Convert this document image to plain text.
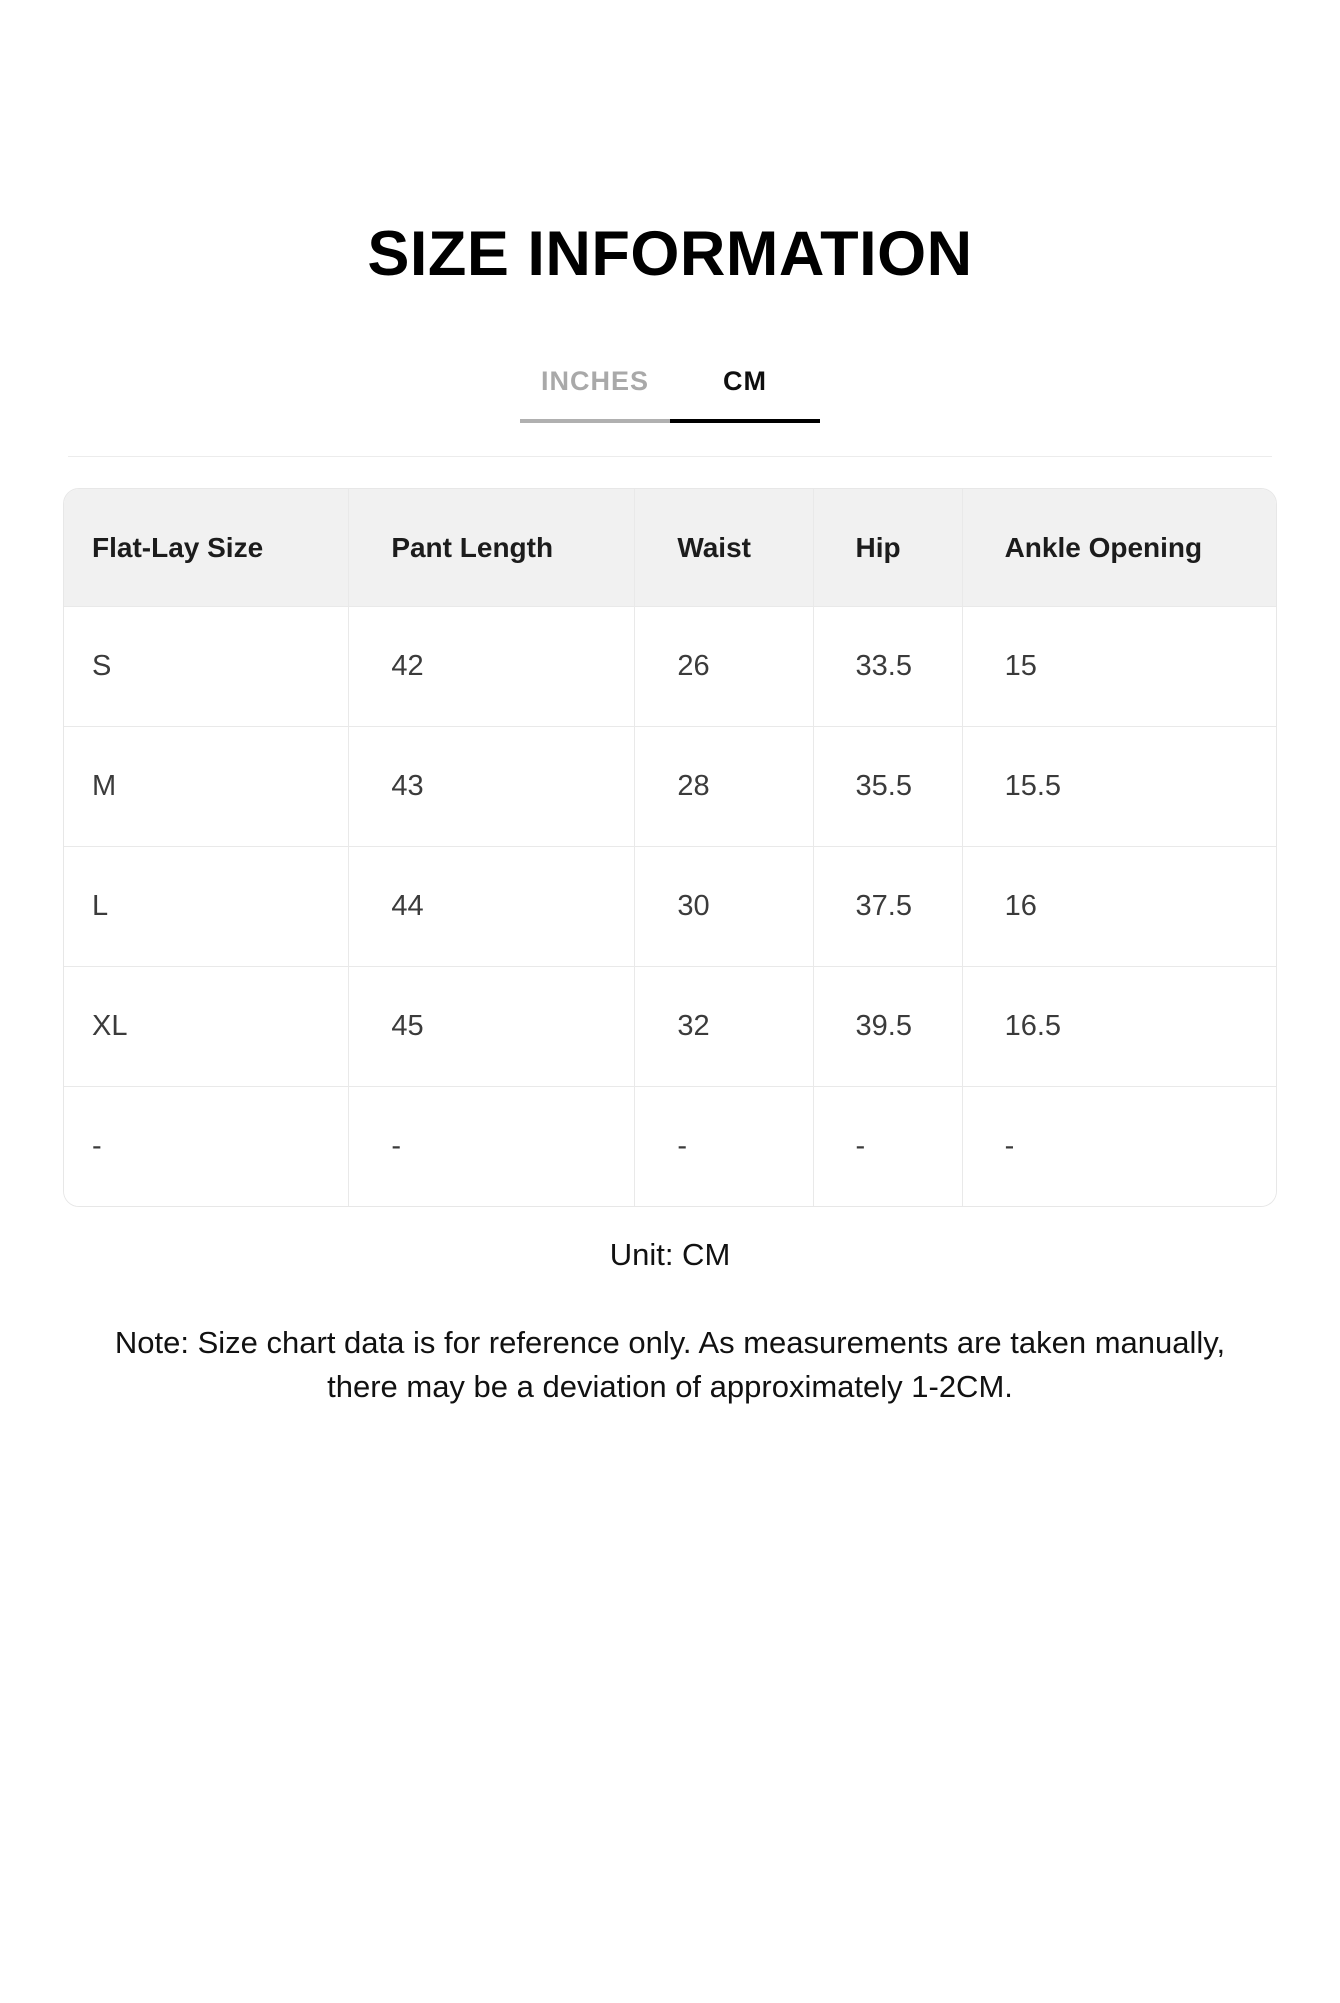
SIZE INFORMATION
INCHES	CM
Flat-Lay Size	Pant Length	Waist	Hip	Ankle Opening
S	42	26	33.5	15
M	43	28	35.5	15.5
L	44	30	37.5	16
XL	45	32	39.5	16.5
-	-	-	-	-
Unit: CM
Note: Size chart data is for reference only. As measurements are taken manually,
there may be a deviation of approximately 1-2CM.
